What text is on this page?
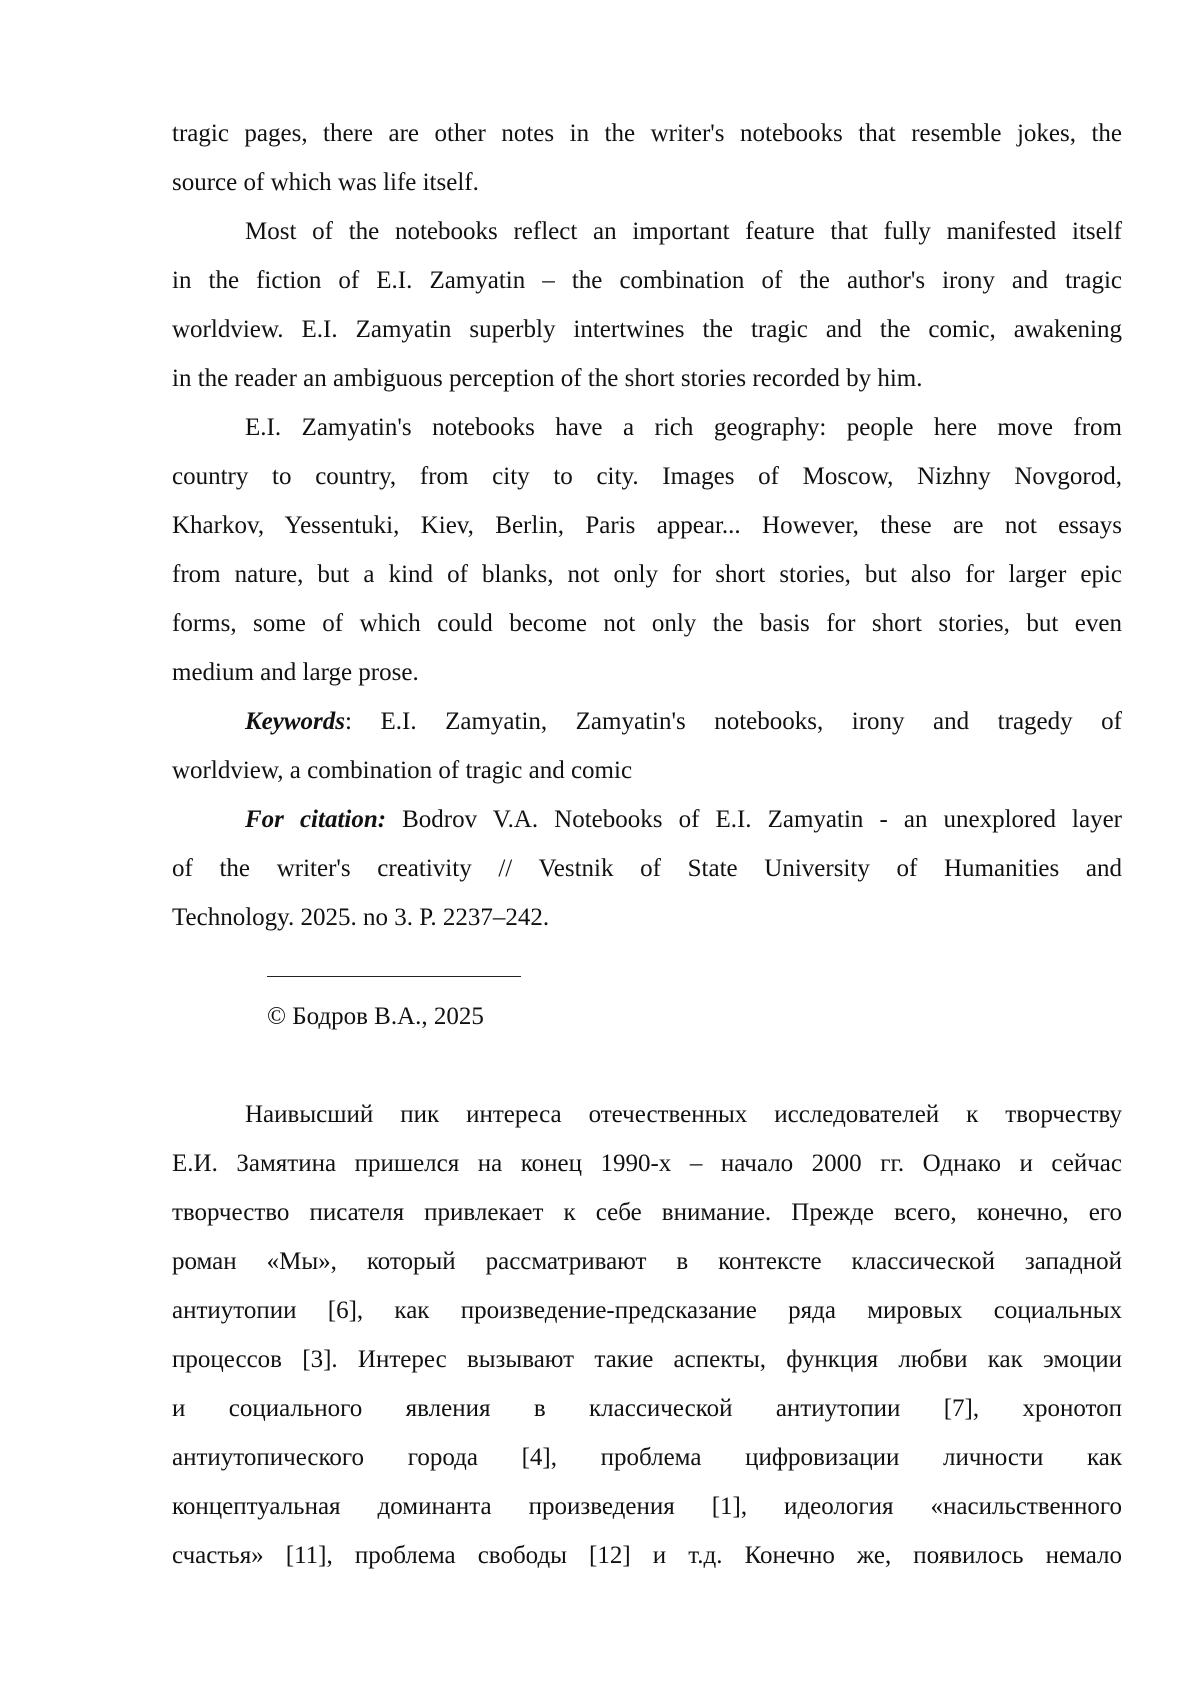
tragic pages, there are other notes in the writer's notebooks that resemble jokes, the
source of which was life itself.
Most of the notebooks reflect an important feature that fully manifested itself
in the fiction of E.I. Zamyatin – the combination of the author's irony and tragic
worldview. E.I. Zamyatin superbly intertwines the tragic and the comic, awakening
in the reader an ambiguous perception of the short stories recorded by him.
E.I. Zamyatin's notebooks have a rich geography: people here move from
country to country, from city to city. Images of Moscow, Nizhny Novgorod,
Kharkov, Yessentuki, Kiev, Berlin, Paris appear... However, these are not essays
from nature, but a kind of blanks, not only for short stories, but also for larger epic
forms, some of which could become not only the basis for short stories, but even
medium and large prose.
Keywords: E.I. Zamyatin, Zamyatin's notebooks, irony and tragedy of
worldview, a combination of tragic and comic
For citation: Bodrov V.A. Notebooks of E.I. Zamyatin - an unexplored layer
of the writer's creativity // Vestnik of State University of Humanities and
Technology. 2025. no 3. P. 2237–242.
Наивысший пик интереса отечественных исследователей к творчеству
Е.И. Замятина пришелся на конец 1990-х – начало 2000 гг. Однако и сейчас
творчество писателя привлекает к себе внимание. Прежде всего, конечно, его
роман «Мы», который рассматривают в контексте классической западной
антиутопии [6], как произведение-предсказание ряда мировых социальных
процессов [3]. Интерес вызывают такие аспекты, функция любви как эмоции
и социального явления в классической антиутопии [7], хронотоп
антиутопического города [4], проблема цифровизации личности как
концептуальная доминанта произведения [1], идеология «насильственного
счастья» [11], проблема свободы [12] и т.д. Конечно же, появилось немало
© Бодров В.А., 2025
